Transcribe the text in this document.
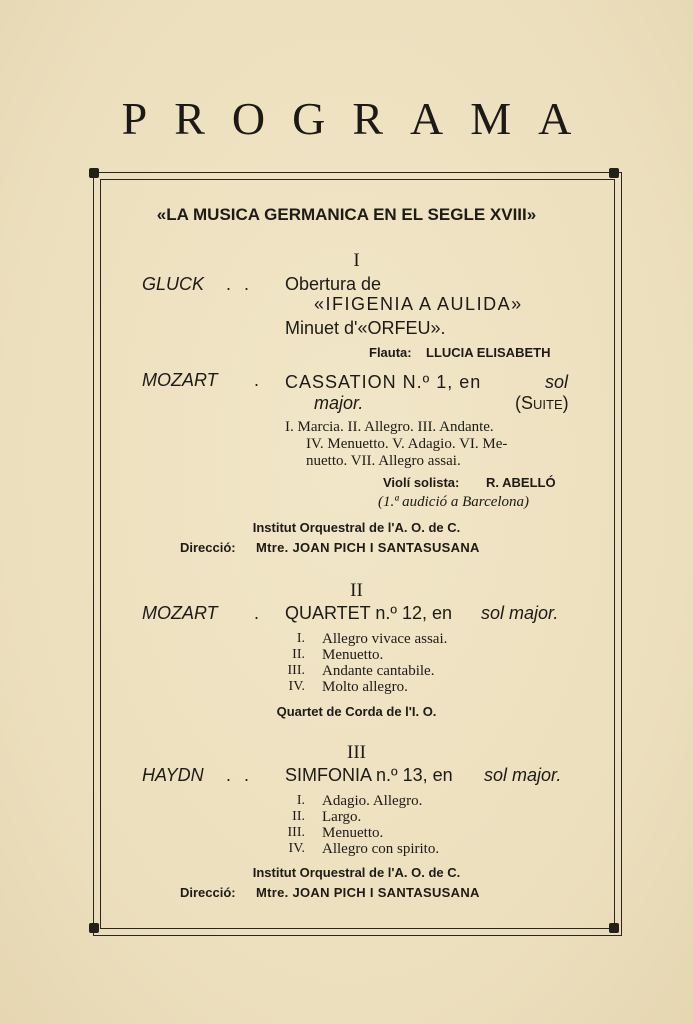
PROGRAMA
«LA MUSICA GERMANICA EN EL SEGLE XVIII»
I
GLUCK . . Obertura de
«IFIGENIA A AULIDA»
Minuet d'«ORFEU».
Flauta: LLUCIA ELISABETH
MOZART . CASSATION N.º 1, en	sol
major.	(Suite)
I. Marcia. II. Allegro. III. Andante.
IV. Menuetto. V. Adagio. VI. Me-
nuetto. VII. Allegro assai.
Violí solista: R. ABELLÓ
(1.ª audició a Barcelona)
Institut Orquestral de l'A. O. de C.
Direcció: Mtre. JOAN PICH I SANTASUSANA
II
MOZART . QUARTET n.º 12, en sol major.
I. Allegro vivace assai.
II. Menuetto.
III. Andante cantabile.
IV. Molto allegro.
Quartet de Corda de l'I. O.
III
HAYDN . . SIMFONIA n.º 13, en sol major.
I. Adagio. Allegro.
II. Largo.
III. Menuetto.
IV. Allegro con spirito.
Institut Orquestral de l'A. O. de C.
Direcció: Mtre. JOAN PICH I SANTASUSANA
